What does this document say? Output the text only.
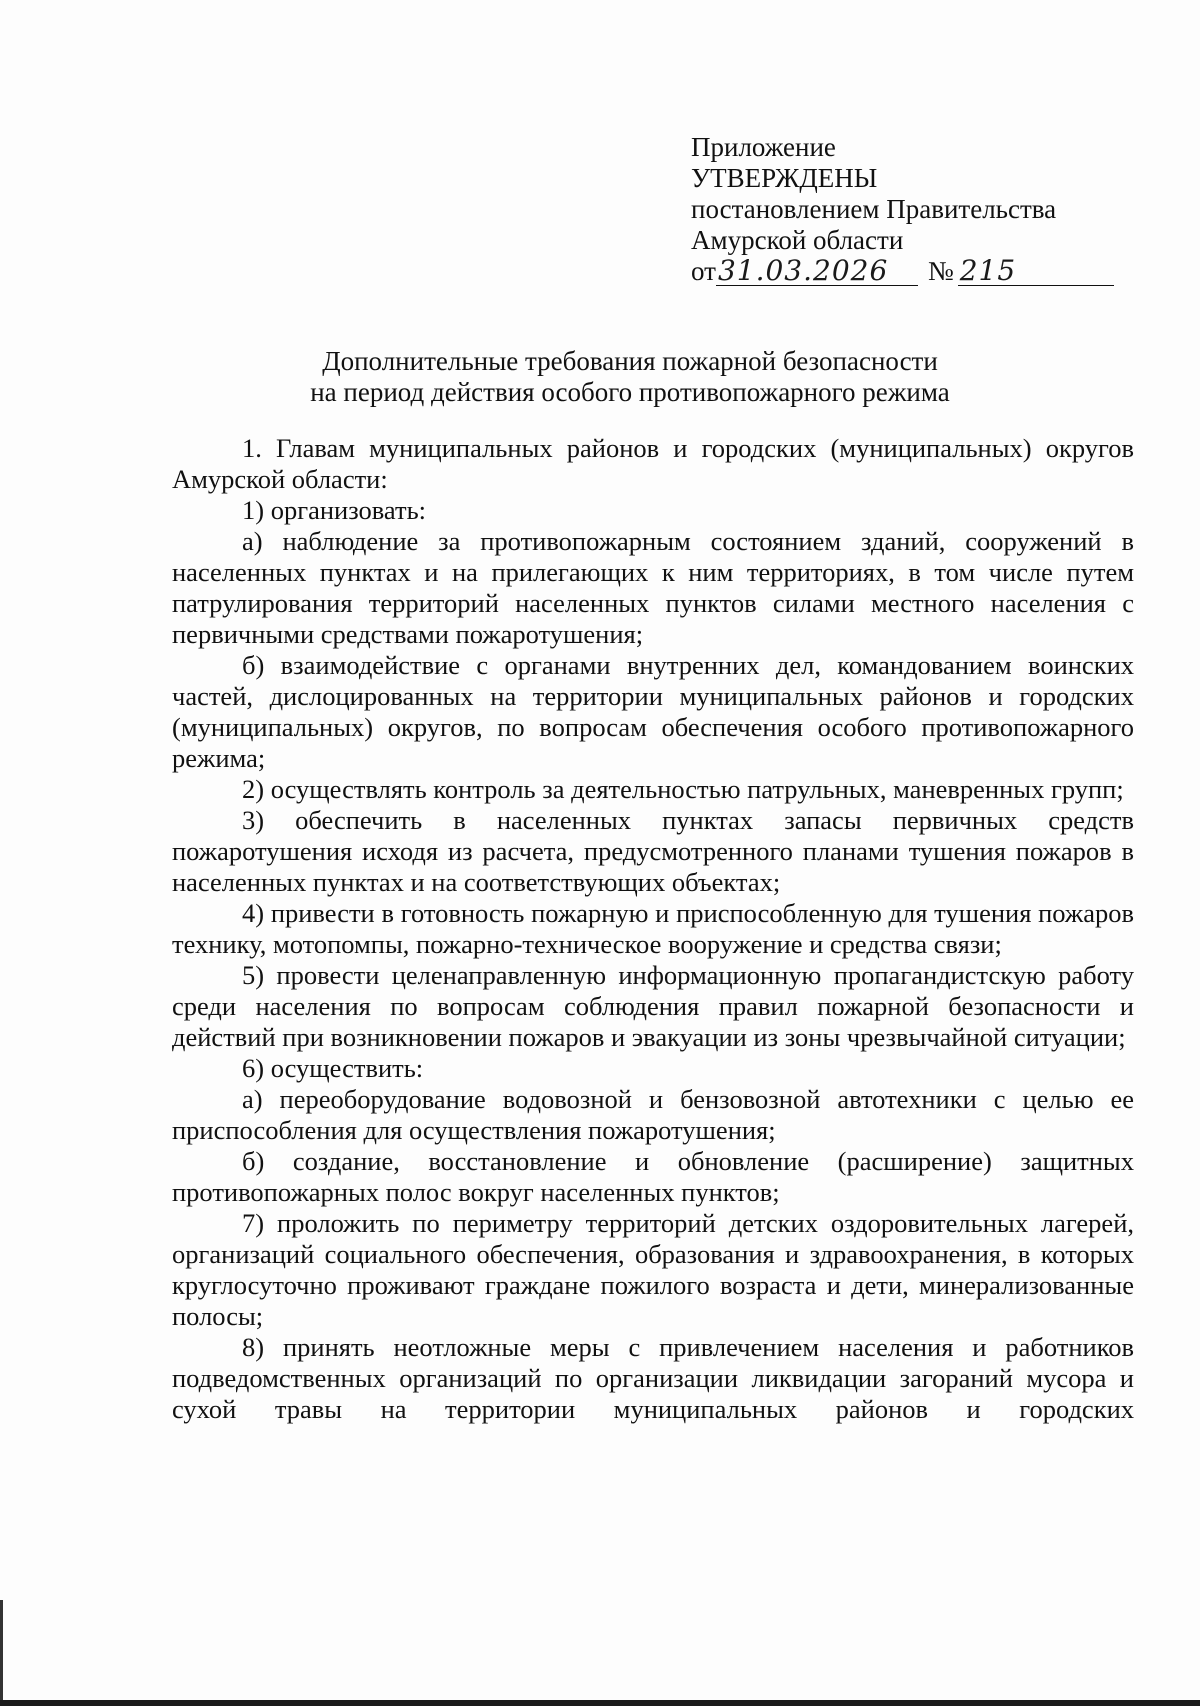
Приложение
УТВЕРЖДЕНЫ
постановлением Правительства
Амурской области
от31.03.2026 № 215
Дополнительные требования пожарной безопасности
на период действия особого противопожарного режима

1. Главам муниципальных районов и городских (муниципальных) округов Амурской области:

1) организовать:

а) наблюдение за противопожарным состоянием зданий, сооружений в населенных пунктах и на прилегающих к ним территориях, в том числе путем патрулирования территорий населенных пунктов силами местного населения с первичными средствами пожаротушения;

б) взаимодействие с органами внутренних дел, командованием воинских частей, дислоцированных на территории муниципальных районов и городских (муниципальных) округов, по вопросам обеспечения особого противопожарного режима;

2) осуществлять контроль за деятельностью патрульных, маневренных групп;

3) обеспечить в населенных пунктах запасы первичных средств пожаротушения исходя из расчета, предусмотренного планами тушения пожаров в населенных пунктах и на соответствующих объектах;

4) привести в готовность пожарную и приспособленную для тушения пожаров технику, мотопомпы, пожарно-техническое вооружение и средства связи;

5) провести целенаправленную информационную пропагандистскую работу среди населения по вопросам соблюдения правил пожарной безопасности и действий при возникновении пожаров и эвакуации из зоны чрезвычайной ситуации;

6) осуществить:

а) переоборудование водовозной и бензовозной автотехники с целью ее приспособления для осуществления пожаротушения;

б) создание, восстановление и обновление (расширение) защитных противопожарных полос вокруг населенных пунктов;

7) проложить по периметру территорий детских оздоровительных лагерей, организаций социального обеспечения, образования и здравоохранения, в которых круглосуточно проживают граждане пожилого возраста и дети, минерализованные полосы;

8) принять неотложные меры с привлечением населения и работников подведомственных организаций по организации ликвидации загораний мусора и сухой травы на территории муниципальных районов и городских
